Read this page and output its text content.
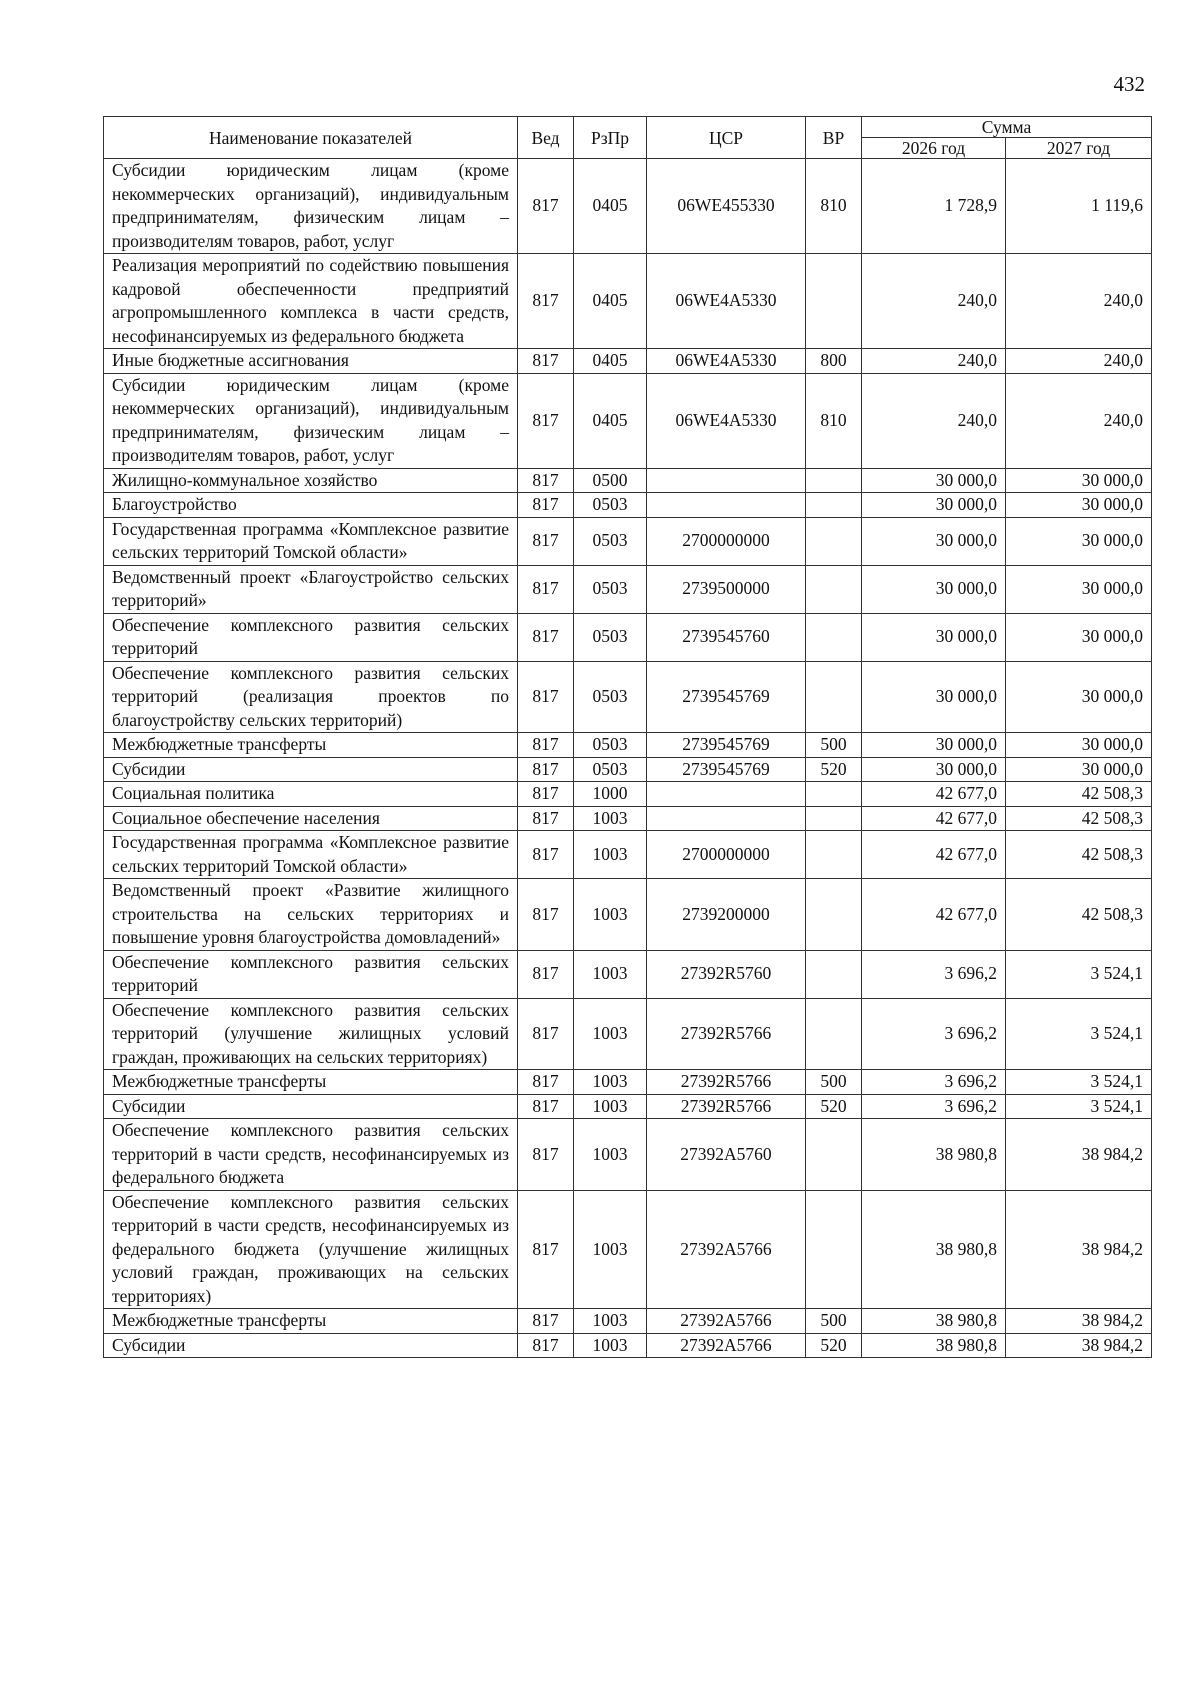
432
Наименование показателей	Вед	РзПр	ЦСР	ВР	Сумма	
					2026 год	2027 год
Субсидии юридическим лицам (кроме некоммерческих организаций), индивидуальным предпринимателям, физическим лицам – производителям товаров, работ, услуг	817	0405	06WE455330	810	1 728,9	1 119,6
Реализация мероприятий по содействию повышения кадровой обеспеченности предприятий агропромышленного комплекса в части средств, несофинансируемых из федерального бюджета	817	0405	06WE4A5330		240,0	240,0
Иные бюджетные ассигнования	817	0405	06WE4A5330	800	240,0	240,0
Субсидии юридическим лицам (кроме некоммерческих организаций), индивидуальным предпринимателям, физическим лицам – производителям товаров, работ, услуг	817	0405	06WE4A5330	810	240,0	240,0
Жилищно-коммунальное хозяйство	817	0500			30 000,0	30 000,0
Благоустройство	817	0503			30 000,0	30 000,0
Государственная программа «Комплексное развитие сельских территорий Томской области»	817	0503	2700000000		30 000,0	30 000,0
Ведомственный проект «Благоустройство сельских территорий»	817	0503	2739500000		30 000,0	30 000,0
Обеспечение комплексного развития сельских территорий	817	0503	2739545760		30 000,0	30 000,0
Обеспечение комплексного развития сельских территорий (реализация проектов по благоустройству сельских территорий)	817	0503	2739545769		30 000,0	30 000,0
Межбюджетные трансферты	817	0503	2739545769	500	30 000,0	30 000,0
Субсидии	817	0503	2739545769	520	30 000,0	30 000,0
Социальная политика	817	1000			42 677,0	42 508,3
Социальное обеспечение населения	817	1003			42 677,0	42 508,3
Государственная программа «Комплексное развитие сельских территорий Томской области»	817	1003	2700000000		42 677,0	42 508,3
Ведомственный проект «Развитие жилищного строительства на сельских территориях и повышение уровня благоустройства домовладений»	817	1003	2739200000		42 677,0	42 508,3
Обеспечение комплексного развития сельских территорий	817	1003	27392R5760		3 696,2	3 524,1
Обеспечение комплексного развития сельских территорий (улучшение жилищных условий граждан, проживающих на сельских территориях)	817	1003	27392R5766		3 696,2	3 524,1
Межбюджетные трансферты	817	1003	27392R5766	500	3 696,2	3 524,1
Субсидии	817	1003	27392R5766	520	3 696,2	3 524,1
Обеспечение комплексного развития сельских территорий в части средств, несофинансируемых из федерального бюджета	817	1003	27392A5760		38 980,8	38 984,2
Обеспечение комплексного развития сельских территорий в части средств, несофинансируемых из федерального бюджета (улучшение жилищных условий граждан, проживающих на сельских территориях)	817	1003	27392A5766		38 980,8	38 984,2
Межбюджетные трансферты	817	1003	27392A5766	500	38 980,8	38 984,2
Субсидии	817	1003	27392A5766	520	38 980,8	38 984,2
